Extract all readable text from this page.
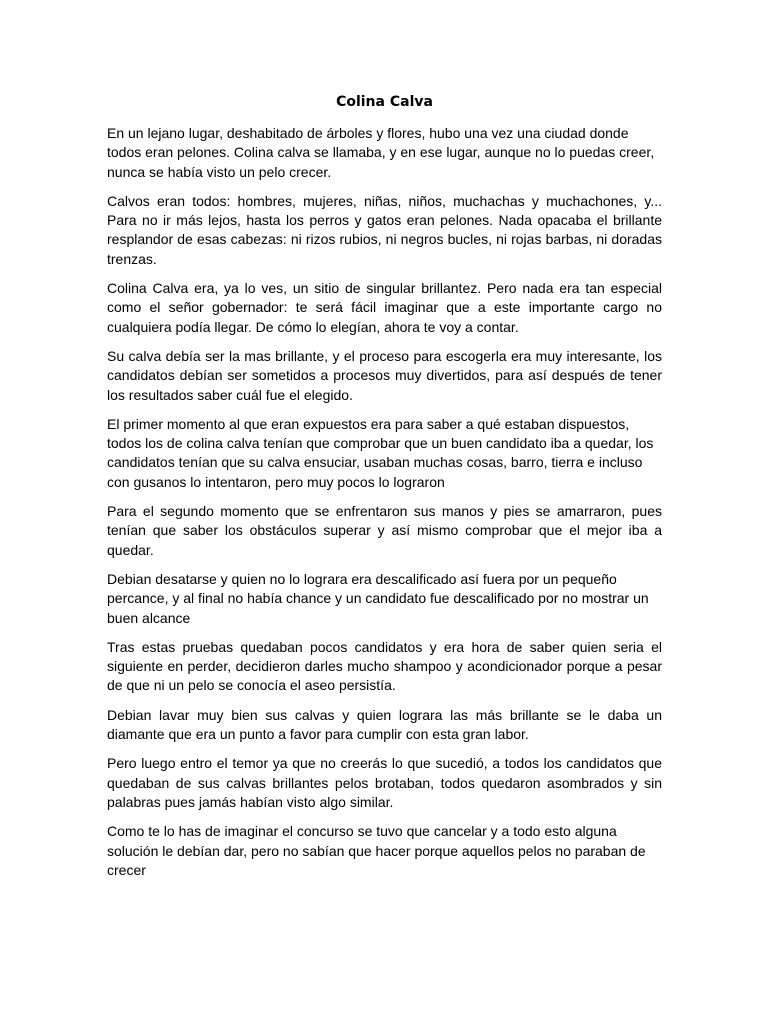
Colina Calva

En un lejano lugar, deshabitado de árboles y flores, hubo una vez una ciudad donde todos eran pelones. Colina calva se llamaba, y en ese lugar, aunque no lo puedas creer, nunca se había visto un pelo crecer.

Calvos eran todos: hombres, mujeres, niñas, niños, muchachas y muchachones, y... Para no ir más lejos, hasta los perros y gatos eran pelones. Nada opacaba el brillante resplandor de esas cabezas: ni rizos rubios, ni negros bucles, ni rojas barbas, ni doradas trenzas.

Colina Calva era, ya lo ves, un sitio de singular brillantez. Pero nada era tan especial como el señor gobernador: te será fácil imaginar que a este importante cargo no cualquiera podía llegar. De cómo lo elegían, ahora te voy a contar.

Su calva debía ser la mas brillante, y el proceso para escogerla era muy interesante, los candidatos debían ser sometidos a procesos muy divertidos, para así después de tener los resultados saber cuál fue el elegido.

El primer momento al que eran expuestos era para saber a qué estaban dispuestos, todos los de colina calva tenían que comprobar que un buen candidato iba a quedar, los candidatos tenían que su calva ensuciar, usaban muchas cosas, barro, tierra e incluso con gusanos lo intentaron, pero muy pocos lo lograron

Para el segundo momento que se enfrentaron sus manos y pies se amarraron, pues tenían que saber los obstáculos superar y así mismo comprobar que el mejor iba a quedar.

Debian desatarse y quien no lo lograra era descalificado así fuera por un pequeño percance, y al final no había chance y un candidato fue descalificado por no mostrar un buen alcance

Tras estas pruebas quedaban pocos candidatos y era hora de saber quien seria el siguiente en perder, decidieron darles mucho shampoo y acondicionador porque a pesar de que ni un pelo se conocía el aseo persistía.

Debian lavar muy bien sus calvas y quien lograra las más brillante se le daba un diamante que era un punto a favor para cumplir con esta gran labor.

Pero luego entro el temor ya que no creerás lo que sucedió, a todos los candidatos que quedaban de sus calvas brillantes pelos brotaban, todos quedaron asombrados y sin palabras pues jamás habían visto algo similar.

Como te lo has de imaginar el concurso se tuvo que cancelar y a todo esto alguna solución le debían dar, pero no sabían que hacer porque aquellos pelos no paraban de crecer
